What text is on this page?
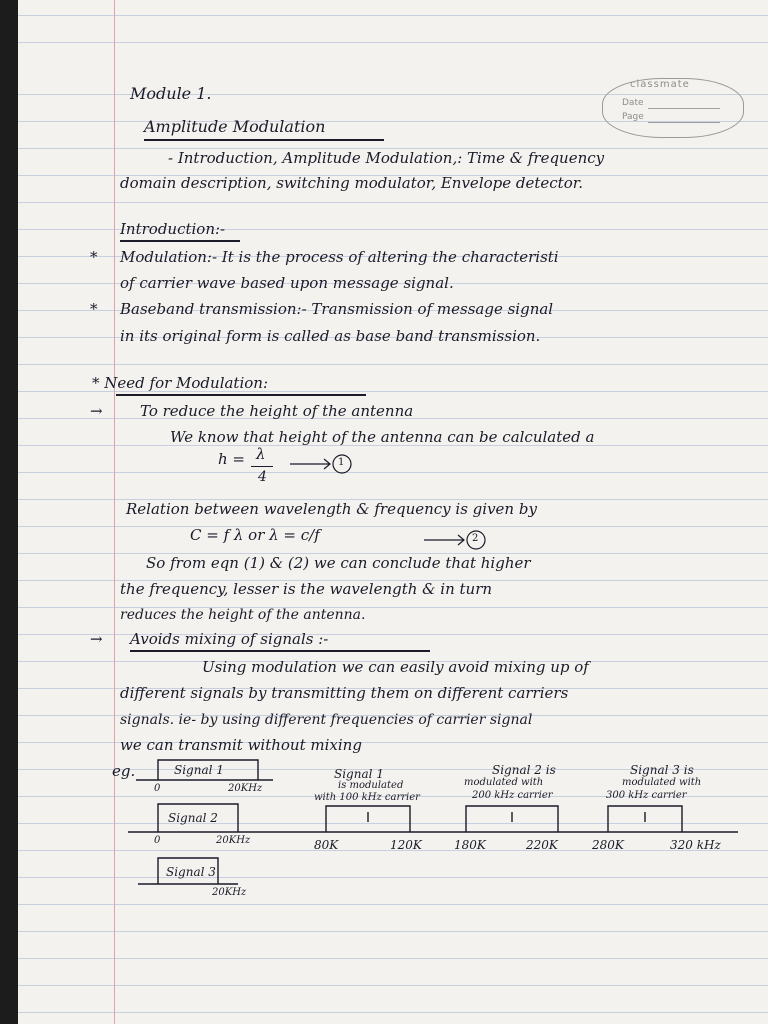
classmate
Date
Page
Module 1.
Amplitude Modulation
- Introduction, Amplitude Modulation,: Time & frequency
domain description, switching modulator, Envelope detector.
Introduction:-
* Modulation:- It is the process of altering the characteristi
of carrier wave based upon message signal.
* Baseband transmission:- Transmission of message signal
in its original form is called as base band transmission.
* Need for Modulation:
→ To reduce the height of the antenna
We know that height of the antenna can be calculated a
h = λ
4
Relation between wavelength & frequency is given by
C = f λ or λ = c/f
So from eqn (1) & (2) we can conclude that higher
the frequency, lesser is the wavelength & in turn
reduces the height of the antenna.
→ Avoids mixing of signals :-
Using modulation we can easily avoid mixing up of
different signals by transmitting them on different carriers
signals. ie- by using different frequencies of carrier signal
we can transmit without mixing
eg.
1
2
Signal 1
0	20KHz
Signal 2
0	20KHz
Signal 3
20KHz
Signal 1
is modulated
with 100 kHz carrier
Signal 2 is
modulated with
200 kHz carrier
Signal 3 is
modulated with
300 kHz carrier
80K	120K	180K	220K	280K	320 kHz
